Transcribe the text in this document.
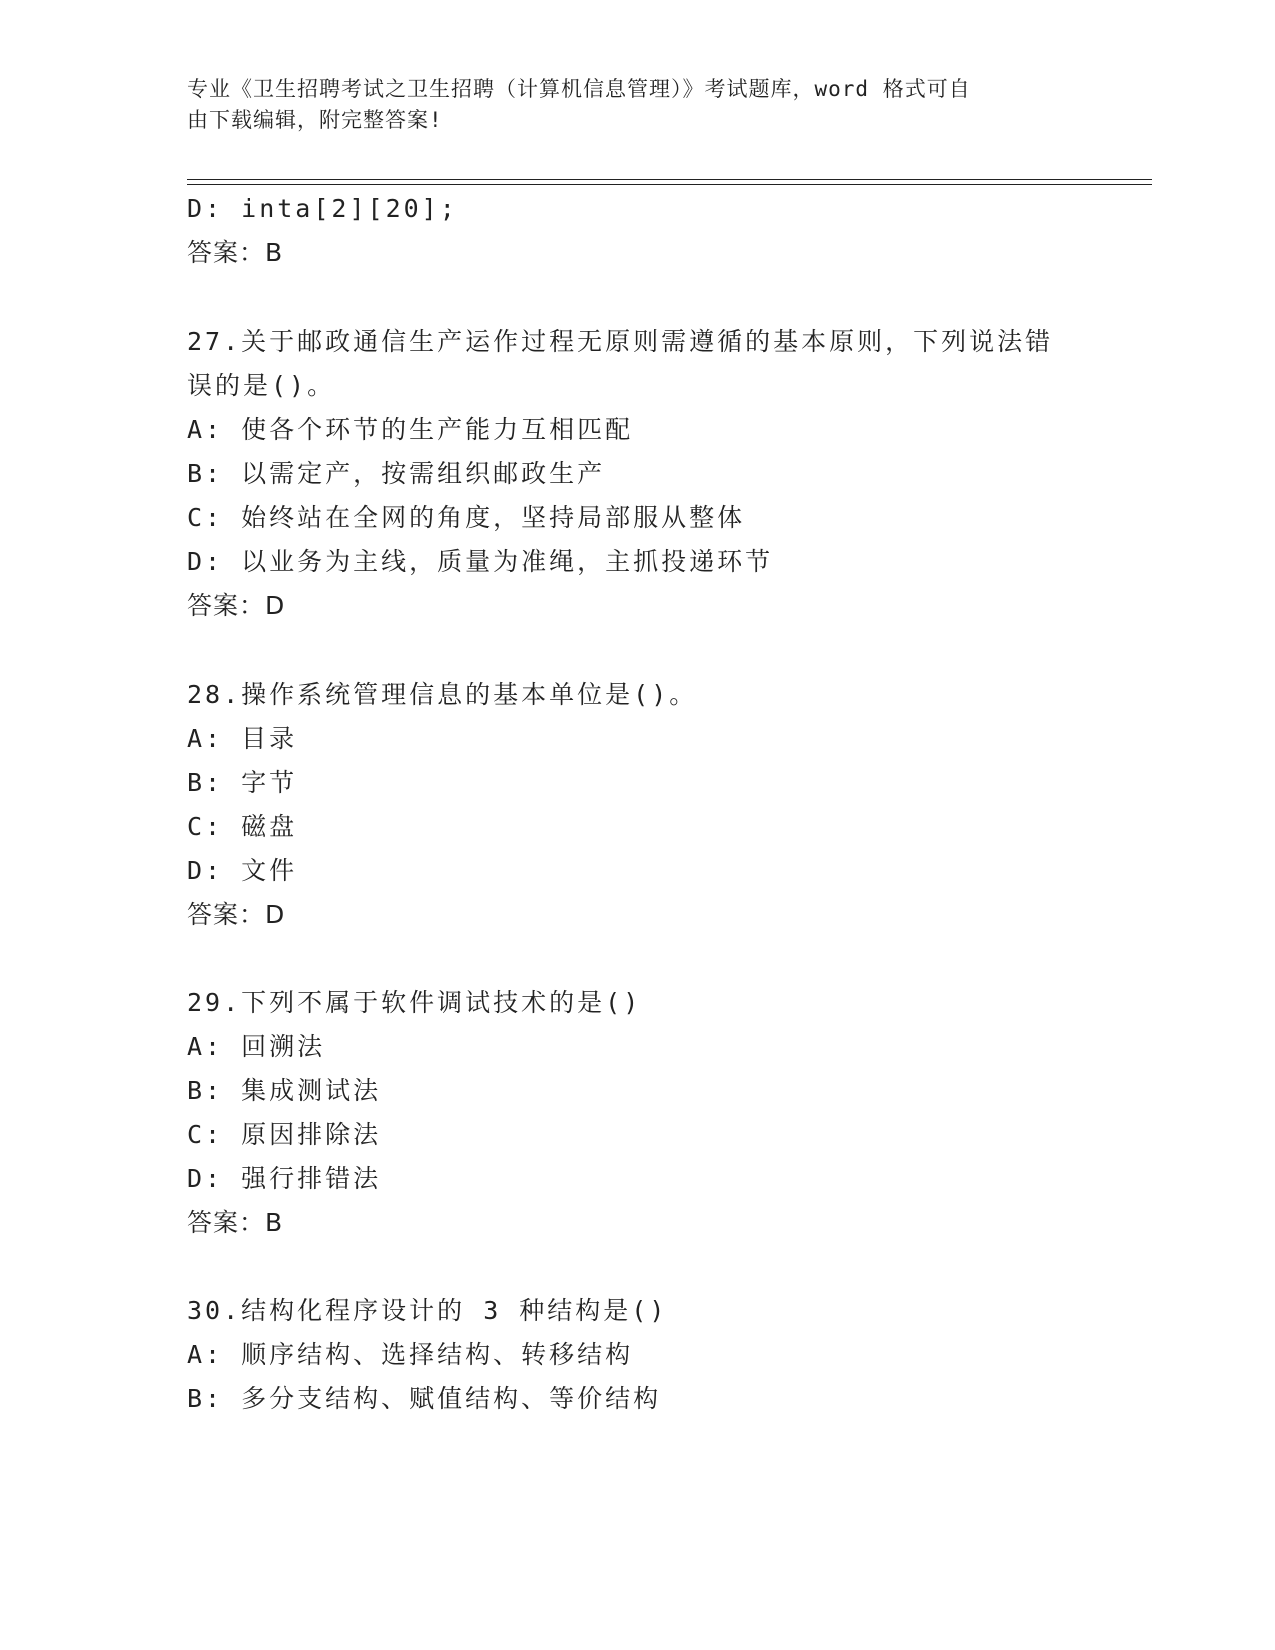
专业《卫生招聘考试之卫生招聘（计算机信息管理）》考试题库，word 格式可自
由下载编辑，附完整答案!
D: inta[2][20];
答案：B
27.关于邮政通信生产运作过程无原则需遵循的基本原则，下列说法错
误的是()。
A: 使各个环节的生产能力互相匹配
B: 以需定产，按需组织邮政生产
C: 始终站在全网的角度，坚持局部服从整体
D: 以业务为主线，质量为准绳，主抓投递环节
答案：D
28.操作系统管理信息的基本单位是()。
A: 目录
B: 字节
C: 磁盘
D: 文件
答案：D
29.下列不属于软件调试技术的是()
A: 回溯法
B: 集成测试法
C: 原因排除法
D: 强行排错法
答案：B
30.结构化程序设计的 3 种结构是()
A: 顺序结构、选择结构、转移结构
B: 多分支结构、赋值结构、等价结构
